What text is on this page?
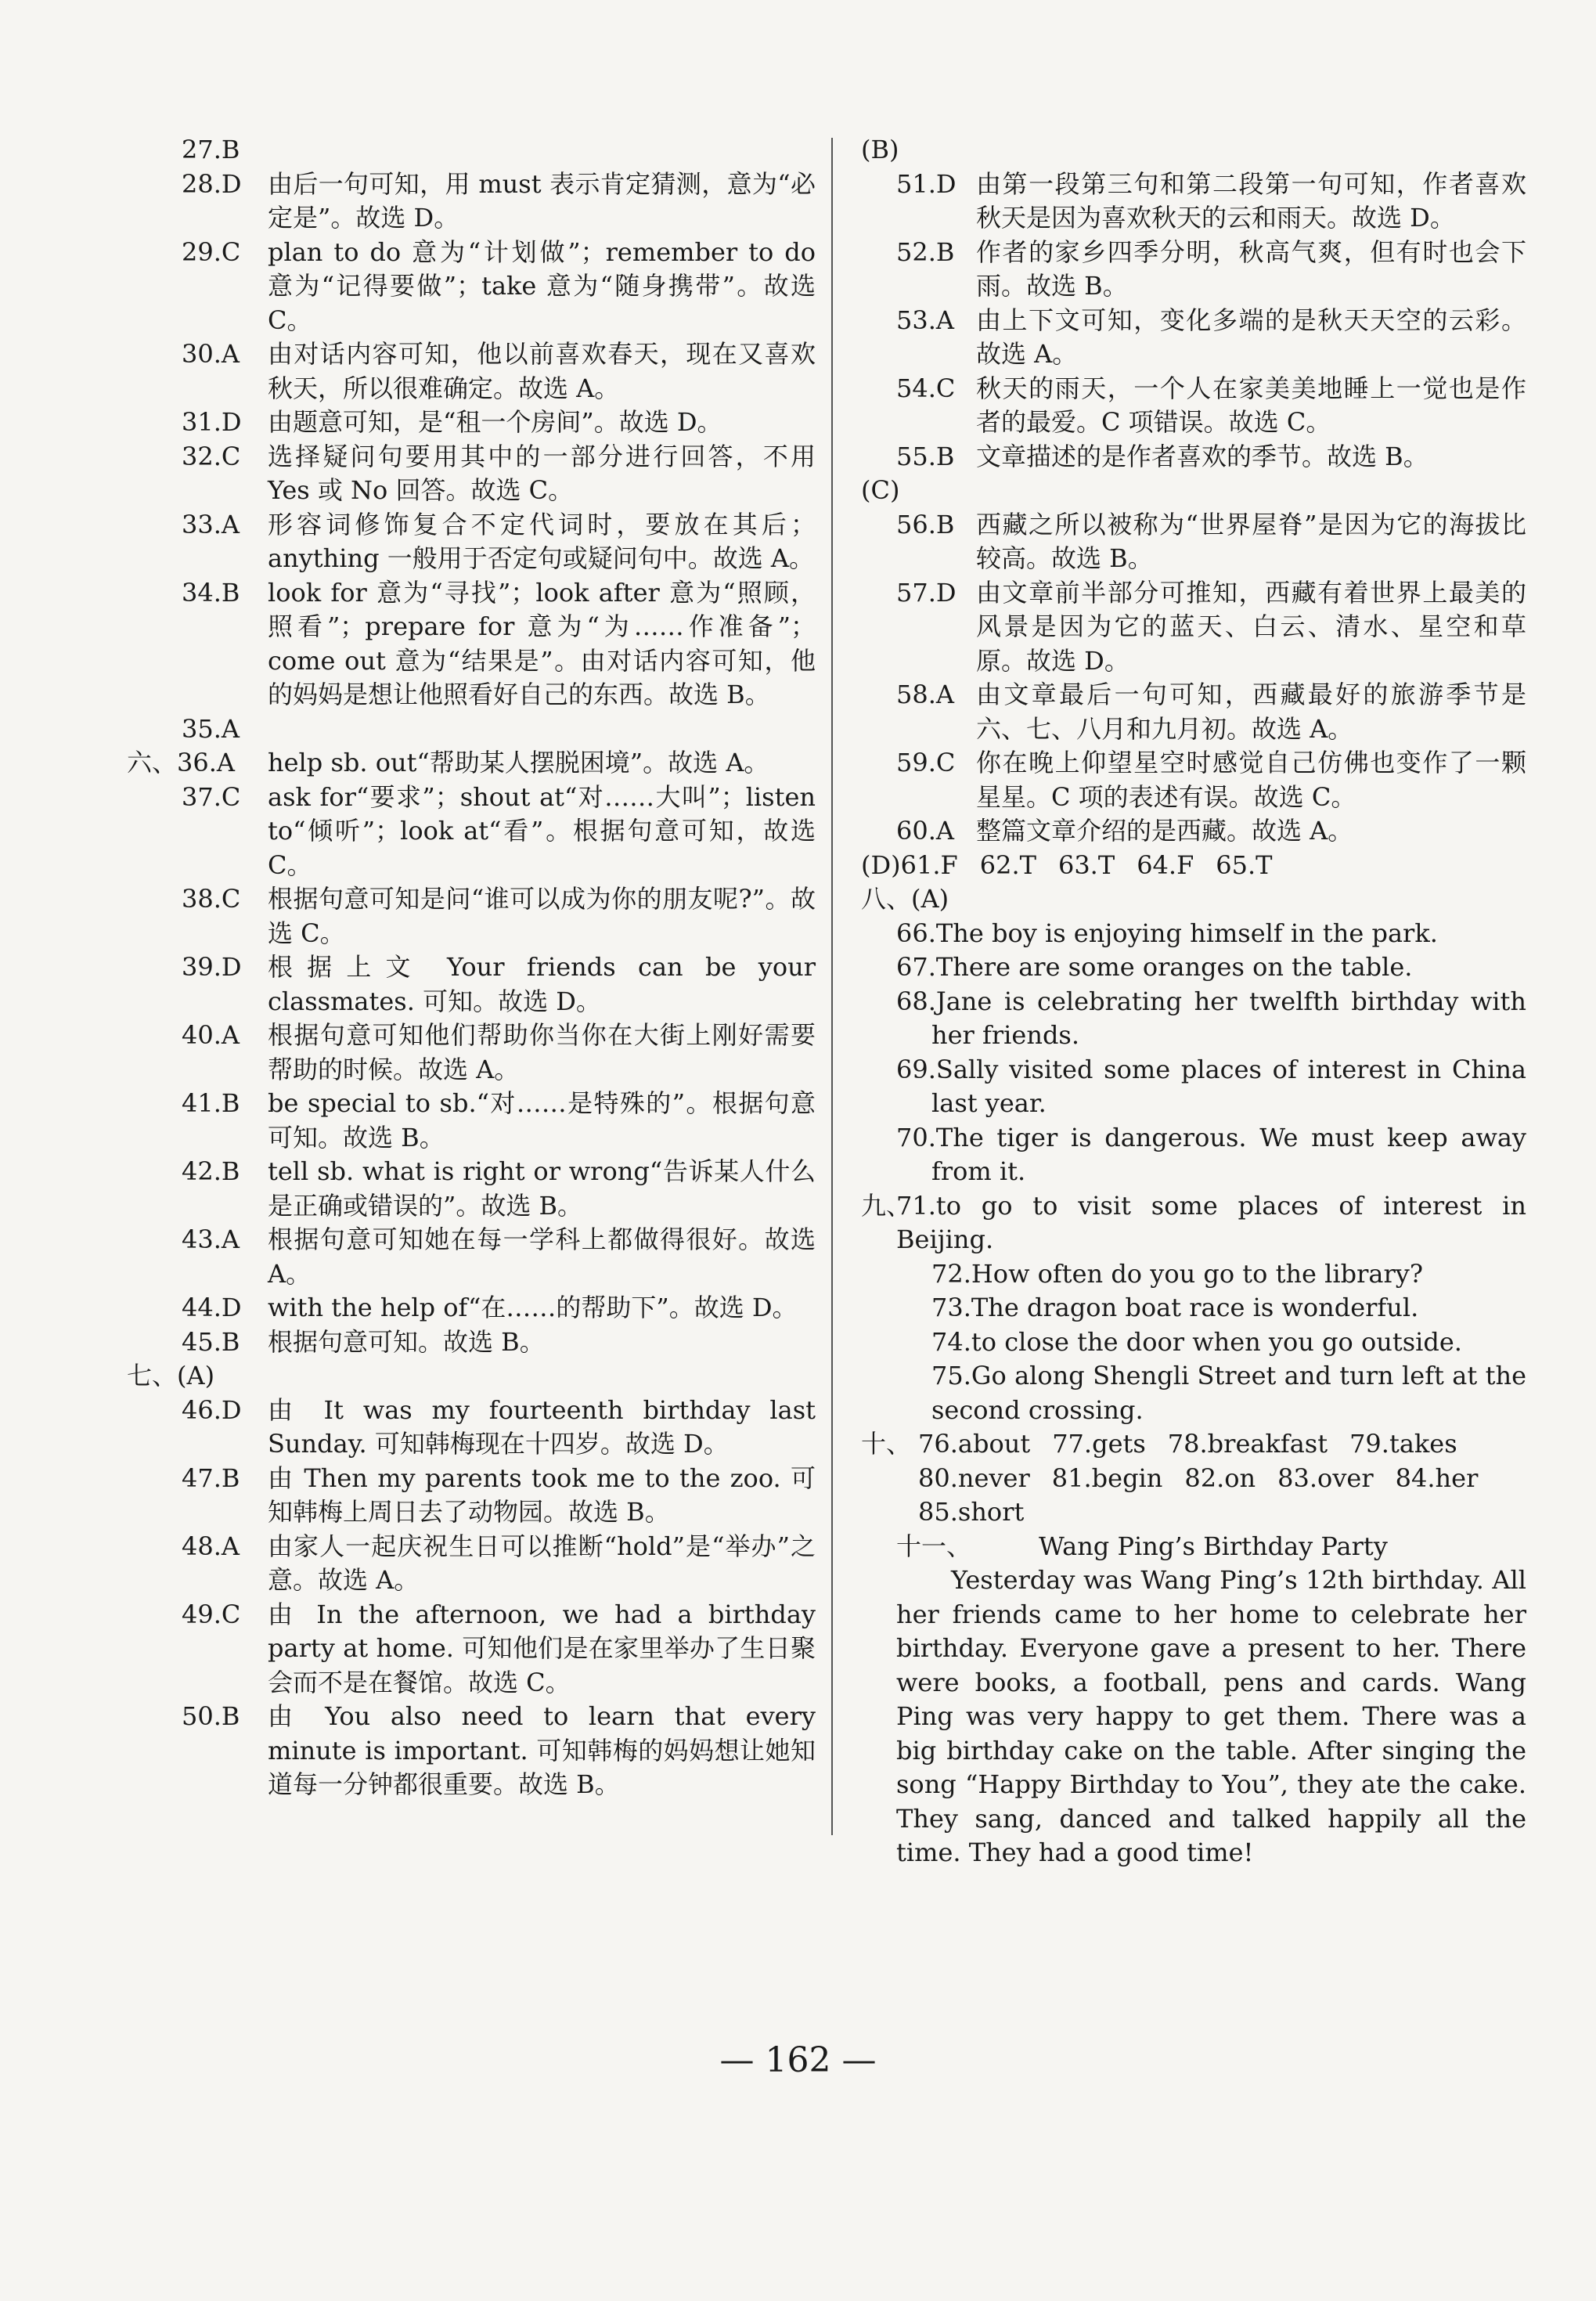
27.B
28.D	由后一句可知，用 must 表示肯定猜测，意为“必定是”。故选 D。
29.C	plan to do 意为“计划做”；remember to do 意为“记得要做”；take 意为“随身携带”。故选 C。
30.A	由对话内容可知，他以前喜欢春天，现在又喜欢秋天，所以很难确定。故选 A。
31.D	由题意可知，是“租一个房间”。故选 D。
32.C	选择疑问句要用其中的一部分进行回答，不用 Yes 或 No 回答。故选 C。
33.A	形容词修饰复合不定代词时，要放在其后；anything 一般用于否定句或疑问句中。故选 A。
34.B	look for 意为“寻找”；look after 意为“照顾，照看”；prepare for 意为“为……作准备”；come out 意为“结果是”。由对话内容可知，他的妈妈是想让他照看好自己的东西。故选 B。
35.A
六、36.A	help sb. out“帮助某人摆脱困境”。故选 A。
37.C	ask for“要求”；shout at“对……大叫”；listen to“倾听”；look at“看”。根据句意可知，故选 C。
38.C	根据句意可知是问“谁可以成为你的朋友呢?”。故选 C。
39.D	根据上文 Your friends can be your classmates. 可知。故选 D。
40.A	根据句意可知他们帮助你当你在大街上刚好需要帮助的时候。故选 A。
41.B	be special to sb.“对……是特殊的”。根据句意可知。故选 B。
42.B	tell sb. what is right or wrong“告诉某人什么是正确或错误的”。故选 B。
43.A	根据句意可知她在每一学科上都做得很好。故选 A。
44.D	with the help of“在……的帮助下”。故选 D。
45.B	根据句意可知。故选 B。
七、(A)
46.D	由 It was my fourteenth birthday last Sunday. 可知韩梅现在十四岁。故选 D。
47.B	由 Then my parents took me to the zoo. 可知韩梅上周日去了动物园。故选 B。
48.A	由家人一起庆祝生日可以推断“hold”是“举办”之意。故选 A。
49.C	由 In the afternoon, we had a birthday party at home. 可知他们是在家里举办了生日聚会而不是在餐馆。故选 C。
50.B	由 You also need to learn that every minute is important. 可知韩梅的妈妈想让她知道每一分钟都很重要。故选 B。
(B)
51.D 由第一段第三句和第二段第一句可知，作者喜欢秋天是因为喜欢秋天的云和雨天。故选 D。
52.B 作者的家乡四季分明，秋高气爽，但有时也会下雨。故选 B。
53.A 由上下文可知，变化多端的是秋天天空的云彩。故选 A。
54.C 秋天的雨天，一个人在家美美地睡上一觉也是作者的最爱。C 项错误。故选 C。
55.B 文章描述的是作者喜欢的季节。故选 B。
(C)
56.B 西藏之所以被称为“世界屋脊”是因为它的海拔比较高。故选 B。
57.D 由文章前半部分可推知，西藏有着世界上最美的风景是因为它的蓝天、白云、清水、星空和草原。故选 D。
58.A 由文章最后一句可知，西藏最好的旅游季节是六、七、八月和九月初。故选 A。
59.C 你在晚上仰望星空时感觉自己仿佛也变作了一颗星星。C 项的表述有误。故选 C。
60.A 整篇文章介绍的是西藏。故选 A。
(D)61.F 62.T 63.T 64.F 65.T
八、(A)
66.The boy is enjoying himself in the park.
67.There are some oranges on the table.
68.Jane is celebrating her twelfth birthday with her friends.
69.Sally visited some places of interest in China last year.
70.The tiger is dangerous. We must keep away from it.
九、
71.to go to visit some places of interest in Beijing.
72.How often do you go to the library?
73.The dragon boat race is wonderful.
74.to close the door when you go outside.
75.Go along Shengli Street and turn left at the second crossing.
十、 76.about 77.gets 78.breakfast 79.takes
80.never 81.begin 82.on 83.over 84.her
85.short
十一、	Wang Ping’s Birthday Party
Yesterday was Wang Ping’s 12th birthday. All her friends came to her home to celebrate her birthday. Everyone gave a present to her. There were books, a football, pens and cards. Wang Ping was very happy to get them. There was a big birthday cake on the table. After singing the song “Happy Birthday to You”, they ate the cake. They sang, danced and talked happily all the time. They had a good time!
— 162 —
